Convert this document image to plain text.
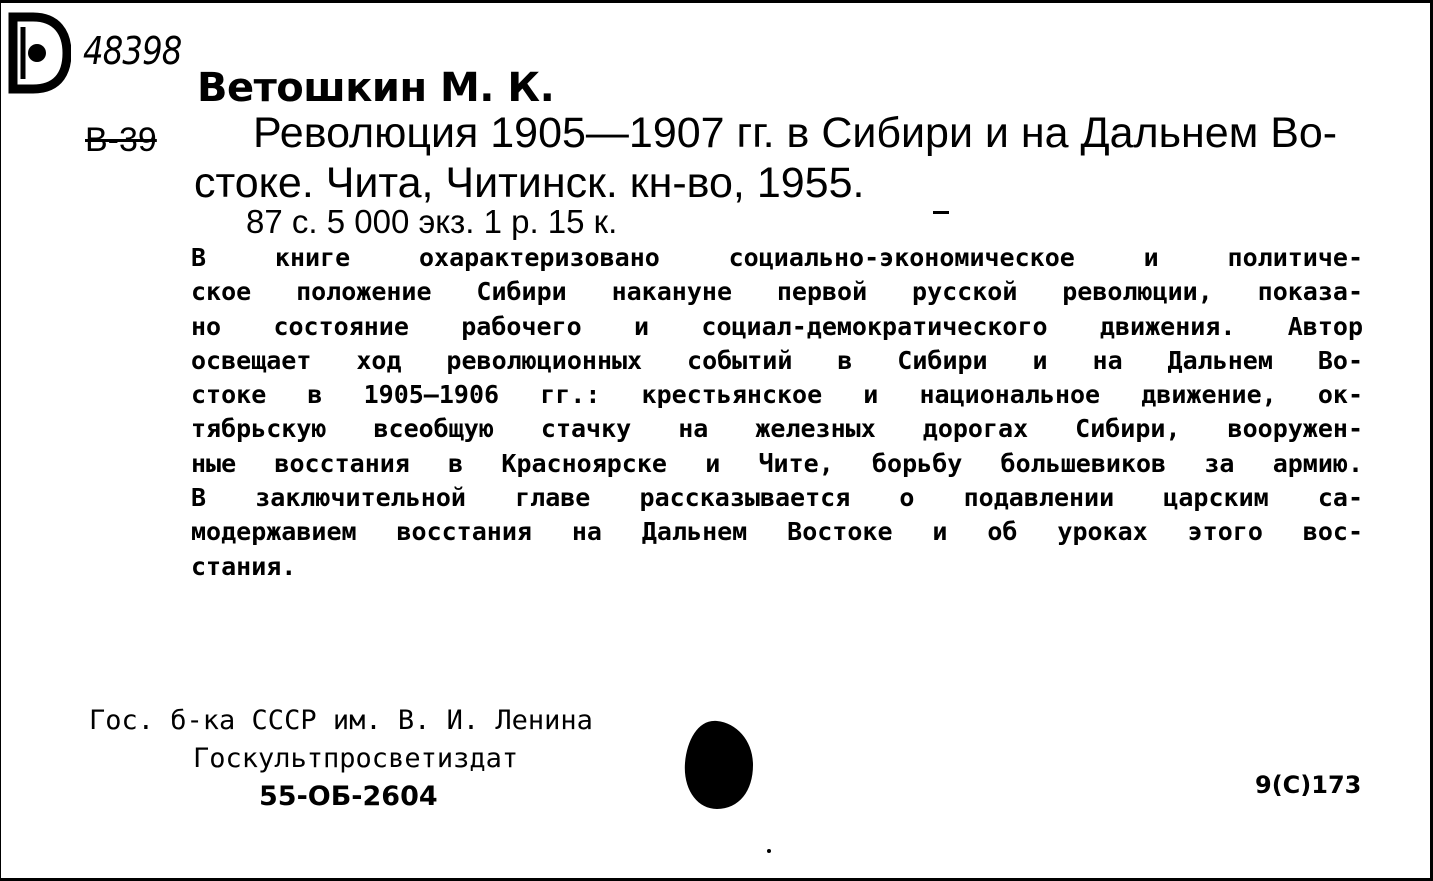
48398
Ветошкин М. К.
В-39 Революция 1905—1907 гг. в Сибири и на Дальнем Во-
стоке. Чита, Читинск. кн-во, 1955.
87 с. 5 000 экз. 1 р. 15 к.
В книге охарактеризовано социально-экономическое и политиче-
ское положение Сибири накануне первой русской революции, показа-
но состояние рабочего и социал-демократического движения. Автор
освещает ход революционных событий в Сибири и на Дальнем Во-
стоке в 1905—1906 гг.: крестьянское и национальное движение, ок-
тябрьскую всеобщую стачку на железных дорогах Сибири, вооружен-
ные восстания в Красноярске и Чите, борьбу большевиков за армию.
В заключительной главе рассказывается о подавлении царским са-
модержавием восстания на Дальнем Востоке и об уроках этого вос-
стания.
Гос. б-ка СССР им. В. И. Ленина
Госкультпросветиздат
55-ОБ-2604	9(С)173
